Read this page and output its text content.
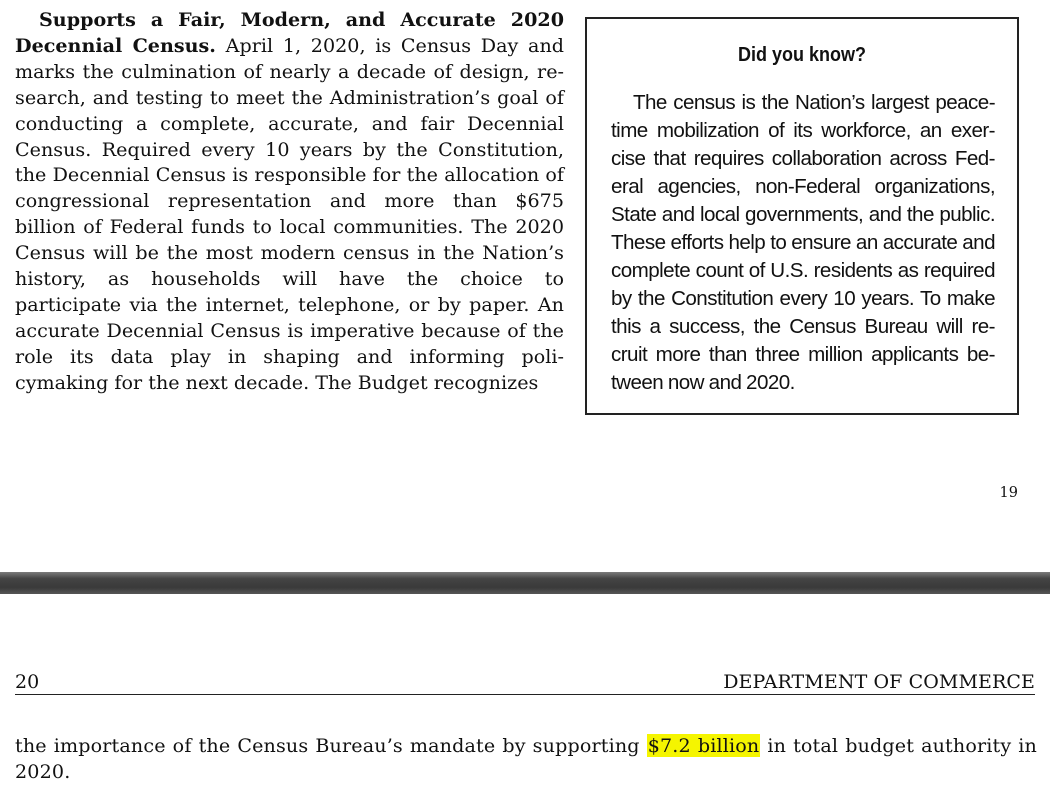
Supports a Fair, Modern, and Accurate 2020 Decennial Census. April 1, 2020, is Census Day and marks the culmination of nearly a decade of design, re-search, and testing to meet the Administration’s goal of conducting a complete, accurate, and fair Decennial Census. Required every 10 years by the Constitution, the Decennial Census is responsible for the allocation of congressional representation and more than $675 billion of Federal funds to local communities. The 2020 Census will be the most modern census in the Nation’s history, as households will have the choice to participate via the internet, telephone, or by paper. An accurate Decennial Census is imperative because of the role its data play in shaping and informing poli-cymaking for the next decade. The Budget recognizes

Did you know?

The census is the Nation’s largest peace-time mobilization of its workforce, an exer-cise that requires collaboration across Fed-eral agencies, non-Federal organizations, State and local governments, and the public. These efforts help to ensure an accurate and complete count of U.S. residents as required by the Constitution every 10 years. To make this a success, the Census Bureau will re-cruit more than three million applicants be-tween now and 2020.

19
20	DEPARTMENT OF COMMERCE

the importance of the Census Bureau’s mandate by supporting $7.2 billion in total budget authority in 2020.
